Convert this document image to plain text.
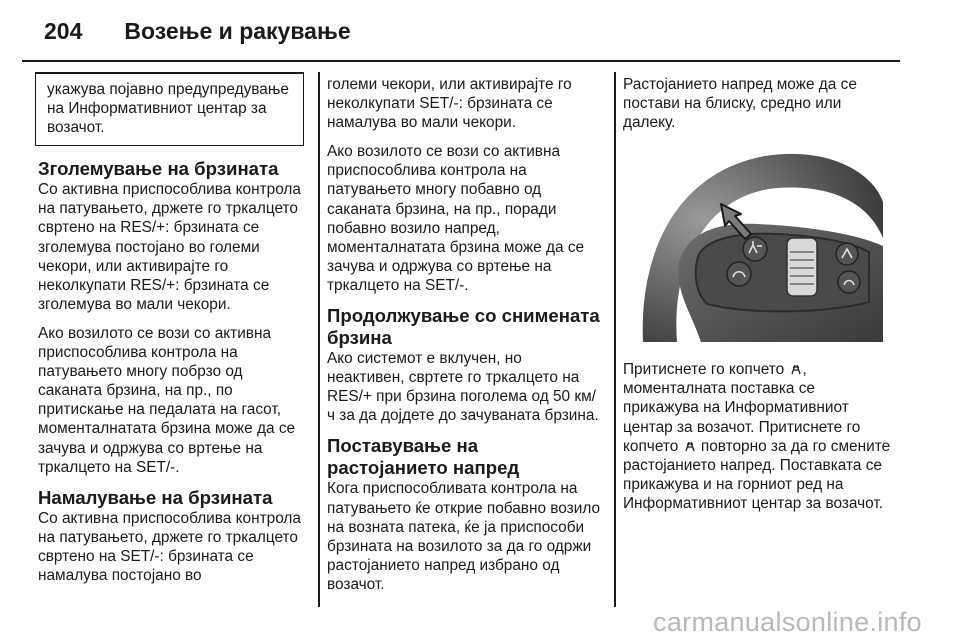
204 Возење и ракување
укажува појавно предупредување на Информативниот центар за возачот.
Зголемување на брзината

Со активна приспособлива контрола на патувањето, држете го тркалцето свртено на RES/+: брзината се зголемува постојано во големи чекори, или активирајте го неколкупати RES/+: брзината се зголемува во мали чекори.

Ако возилото се вози со активна приспособлива контрола на патувањето многу побрзо од саканата брзина, на пр., по притискање на педалата на гасот, моменталнатата брзина може да се зачува и одржува со вртење на тркалцето на SET/-.

Намалување на брзината

Со активна приспособлива контрола на патувањето, држете го тркалцето свртено на SET/-: брзината се намалува постојано во

големи чекори, или активирајте го неколкупати SET/-: брзината се намалува во мали чекори.

Ако возилото се вози со активна приспособлива контрола на патувањето многу побавно од саканата брзина, на пр., поради побавно возило напред, моменталнатата брзина може да се зачува и одржува со вртење на тркалцето на SET/-.

Продолжување со снимената брзина

Ако системот е вклучен, но неактивен, свртете го тркалцето на RES/+ при брзина поголема од 50 км/ч за да дојдете до зачуваната брзина.

Поставување на растојанието напред

Кога приспособливата контрола на патувањето ќе открие побавно возило на возната патека, ќе ја приспособи брзината на возилото за да го одржи растојанието напред избрано од возачот.

Растојанието напред може да се постави на блиску, средно или далеку.

Притиснете го копчето , моменталната поставка се прикажува на Информативниот центар за возачот. Притиснете го копчето повторно за да го смените растојанието напред. Поставката се прикажува и на горниот ред на Информативниот центар за возачот.

carmanualsonline.info
